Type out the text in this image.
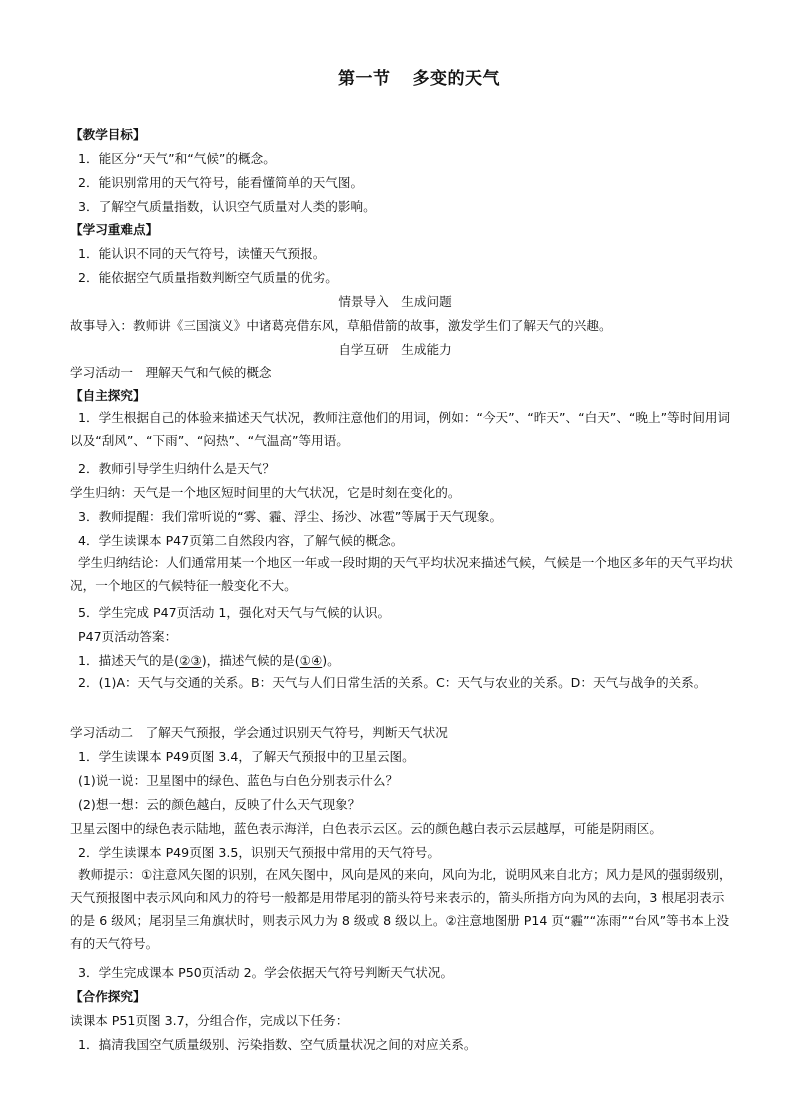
第一节 多变的天气
【教学目标】
1．能区分“天气”和“气候”的概念。
2．能识别常用的天气符号，能看懂简单的天气图。
3．了解空气质量指数，认识空气质量对人类的影响。
【学习重难点】
1．能认识不同的天气符号，读懂天气预报。
2．能依据空气质量指数判断空气质量的优劣。
情景导入　生成问题
故事导入：教师讲《三国演义》中诸葛亮借东风，草船借箭的故事，激发学生们了解天气的兴趣。
自学互研　生成能力
学习活动一　理解天气和气候的概念
【自主探究】
1．学生根据自己的体验来描述天气状况，教师注意他们的用词，例如：“今天”、“昨天”、“白天”、“晚上”等时间用词以及“刮风”、“下雨”、“闷热”、“气温高”等用语。
2．教师引导学生归纳什么是天气？
学生归纳：天气是一个地区短时间里的大气状况，它是时刻在变化的。
3．教师提醒：我们常听说的“雾、霾、浮尘、扬沙、冰雹”等属于天气现象。
4．学生读课本 P47页第二自然段内容，了解气候的概念。
学生归纳结论：人们通常用某一个地区一年或一段时期的天气平均状况来描述气候，气候是一个地区多年的天气平均状况，一个地区的气候特征一般变化不大。
5．学生完成 P47页活动 1，强化对天气与气候的认识。
P47页活动答案：
1．描述天气的是(②③)，描述气候的是(①④)。
2．(1)A：天气与交通的关系。B：天气与人们日常生活的关系。C：天气与农业的关系。D：天气与战争的关系。
学习活动二　了解天气预报，学会通过识别天气符号，判断天气状况
1．学生读课本 P49页图 3.4，了解天气预报中的卫星云图。
(1)说一说：卫星图中的绿色、蓝色与白色分别表示什么？
(2)想一想：云的颜色越白，反映了什么天气现象？
卫星云图中的绿色表示陆地，蓝色表示海洋，白色表示云区。云的颜色越白表示云层越厚，可能是阴雨区。
2．学生读课本 P49页图 3.5，识别天气预报中常用的天气符号。
教师提示：①注意风矢图的识别，在风矢图中，风向是风的来向，风向为北，说明风来自北方；风力是风的强弱级别，天气预报图中表示风向和风力的符号一般都是用带尾羽的箭头符号来表示的，箭头所指方向为风的去向，3 根尾羽表示的是 6 级风；尾羽呈三角旗状时，则表示风力为 8 级或 8 级以上。②注意地图册 P14 页“霾”“冻雨”“台风”等书本上没有的天气符号。
3．学生完成课本 P50页活动 2。学会依据天气符号判断天气状况。
【合作探究】
读课本 P51页图 3.7，分组合作，完成以下任务：
1．搞清我国空气质量级别、污染指数、空气质量状况之间的对应关系。
